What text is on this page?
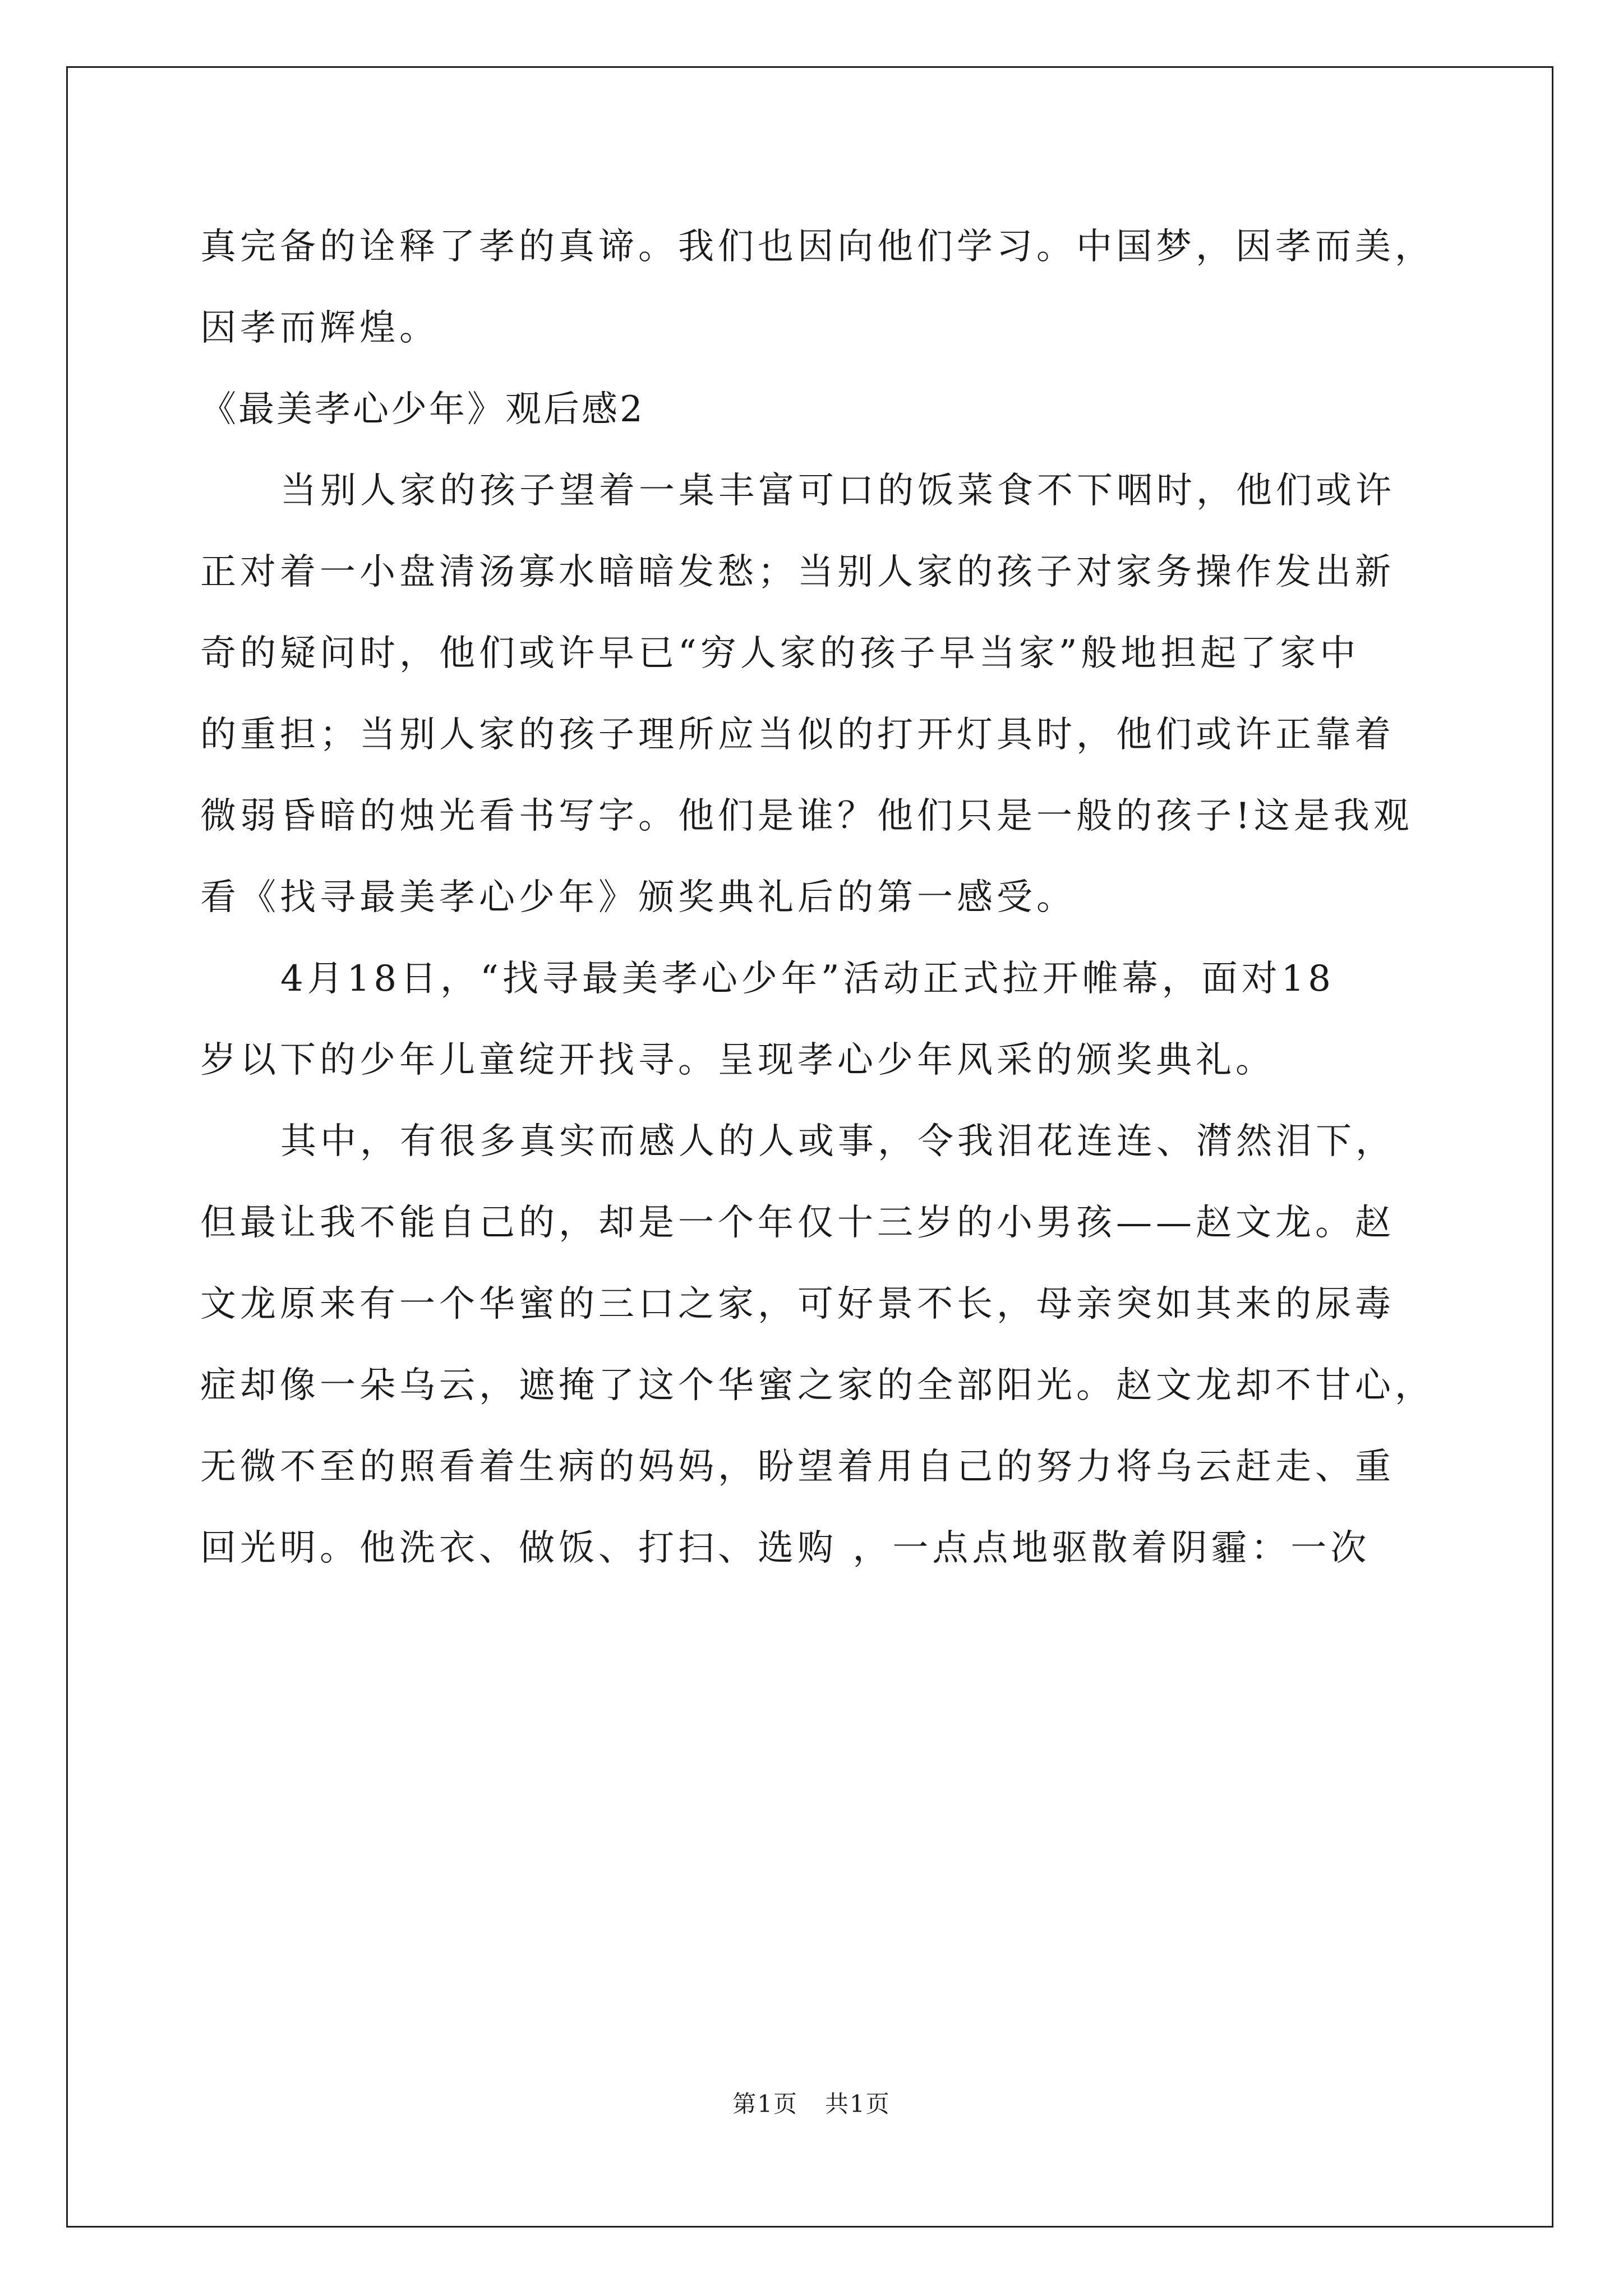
真完备的诠释了孝的真谛。我们也因向他们学习。中国梦，因孝而美，
因孝而辉煌。
《最美孝心少年》观后感2
当别人家的孩子望着一桌丰富可口的饭菜食不下咽时，他们或许
正对着一小盘清汤寡水暗暗发愁；当别人家的孩子对家务操作发出新
奇的疑问时，他们或许早已“穷人家的孩子早当家”般地担起了家中
的重担；当别人家的孩子理所应当似的打开灯具时，他们或许正靠着
微弱昏暗的烛光看书写字。他们是谁？他们只是一般的孩子!这是我观
看《找寻最美孝心少年》颁奖典礼后的第一感受。
4月18日，“找寻最美孝心少年”活动正式拉开帷幕，面对18
岁以下的少年儿童绽开找寻。呈现孝心少年风采的颁奖典礼。
其中，有很多真实而感人的人或事，令我泪花连连、潸然泪下，
但最让我不能自己的，却是一个年仅十三岁的小男孩——赵文龙。赵
文龙原来有一个华蜜的三口之家，可好景不长，母亲突如其来的尿毒
症却像一朵乌云，遮掩了这个华蜜之家的全部阳光。赵文龙却不甘心，
无微不至的照看着生病的妈妈，盼望着用自己的努力将乌云赶走、重
回光明。他洗衣、做饭、打扫、选购 ，一点点地驱散着阴霾：一次
第1页 共1页
